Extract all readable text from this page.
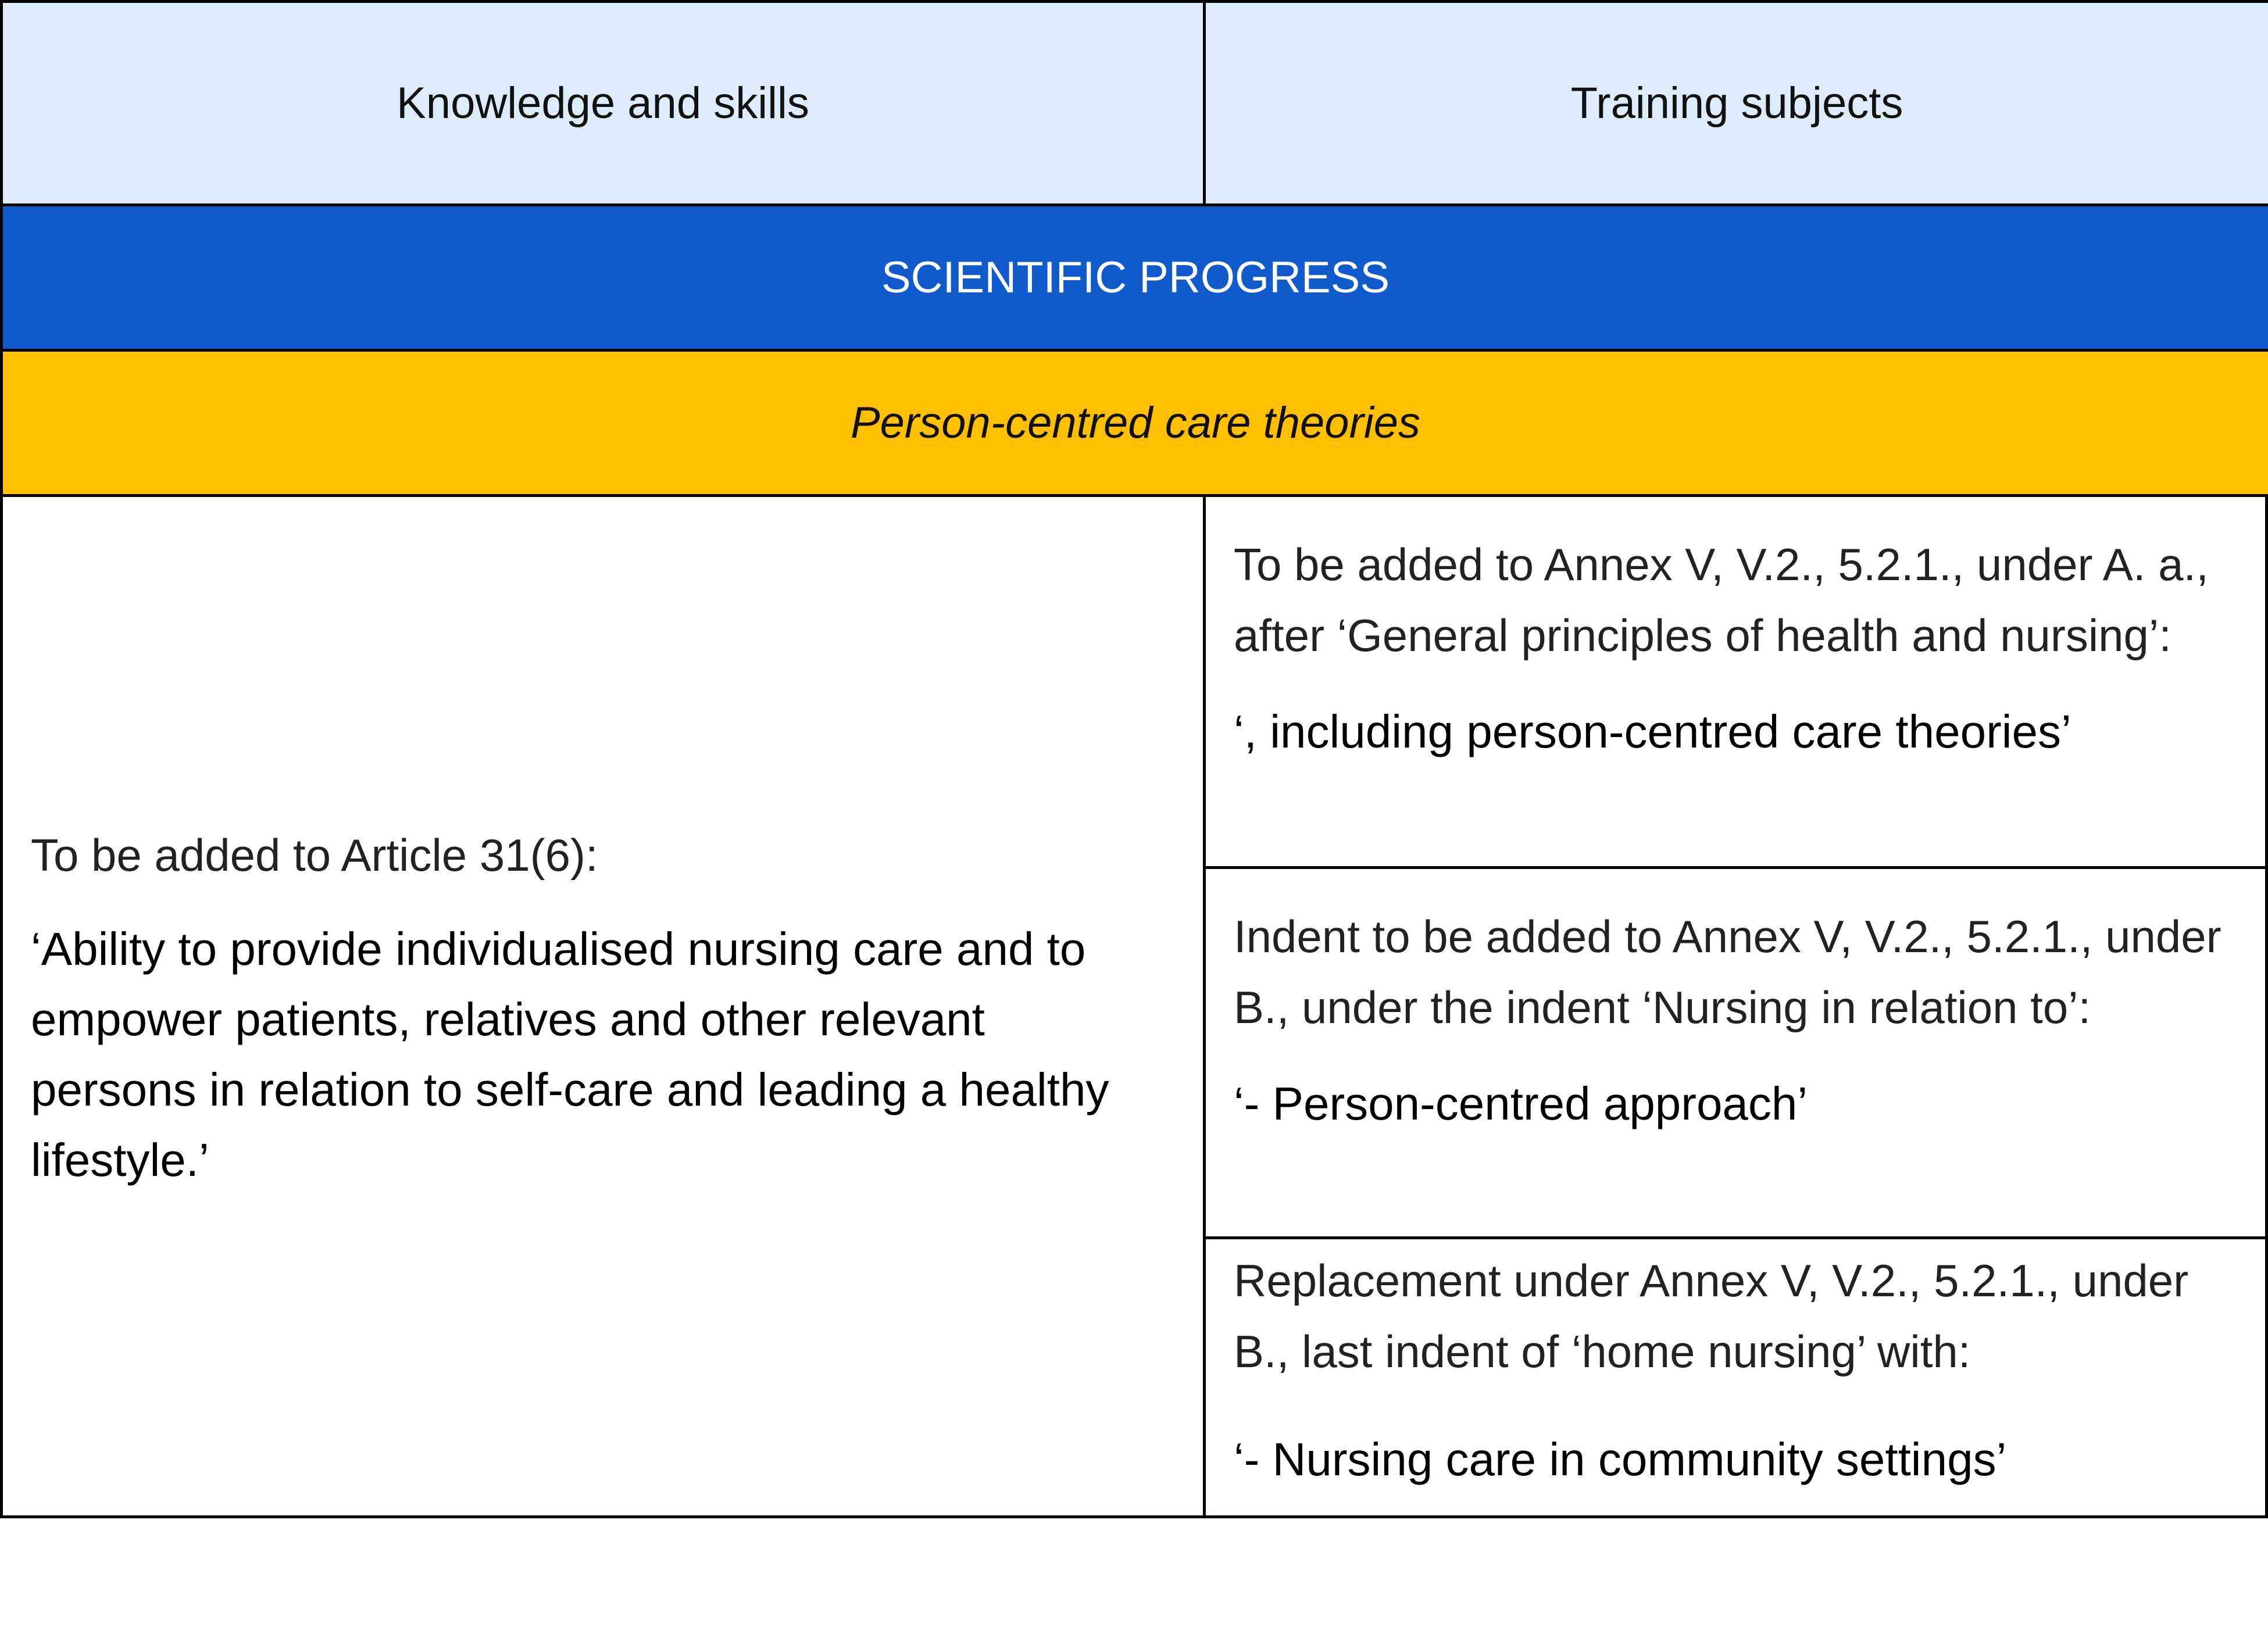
Knowledge and skills	Training subjects
SCIENTIFIC PROGRESS
Person-centred care theories

To be added to Article 31(6):

‘Ability to provide individualised nursing care and to empower patients, relatives and other relevant persons in relation to self-care and leading a healthy lifestyle.’

To be added to Annex V, V.2., 5.2.1., under A. a., after ‘General principles of health and nursing’:

‘, including person-centred care theories’

Indent to be added to Annex V, V.2., 5.2.1., under B., under the indent ‘Nursing in relation to’:

‘- Person-centred approach’

Replacement under Annex V, V.2., 5.2.1., under B., last indent of ‘home nursing’ with:

‘- Nursing care in community settings’
